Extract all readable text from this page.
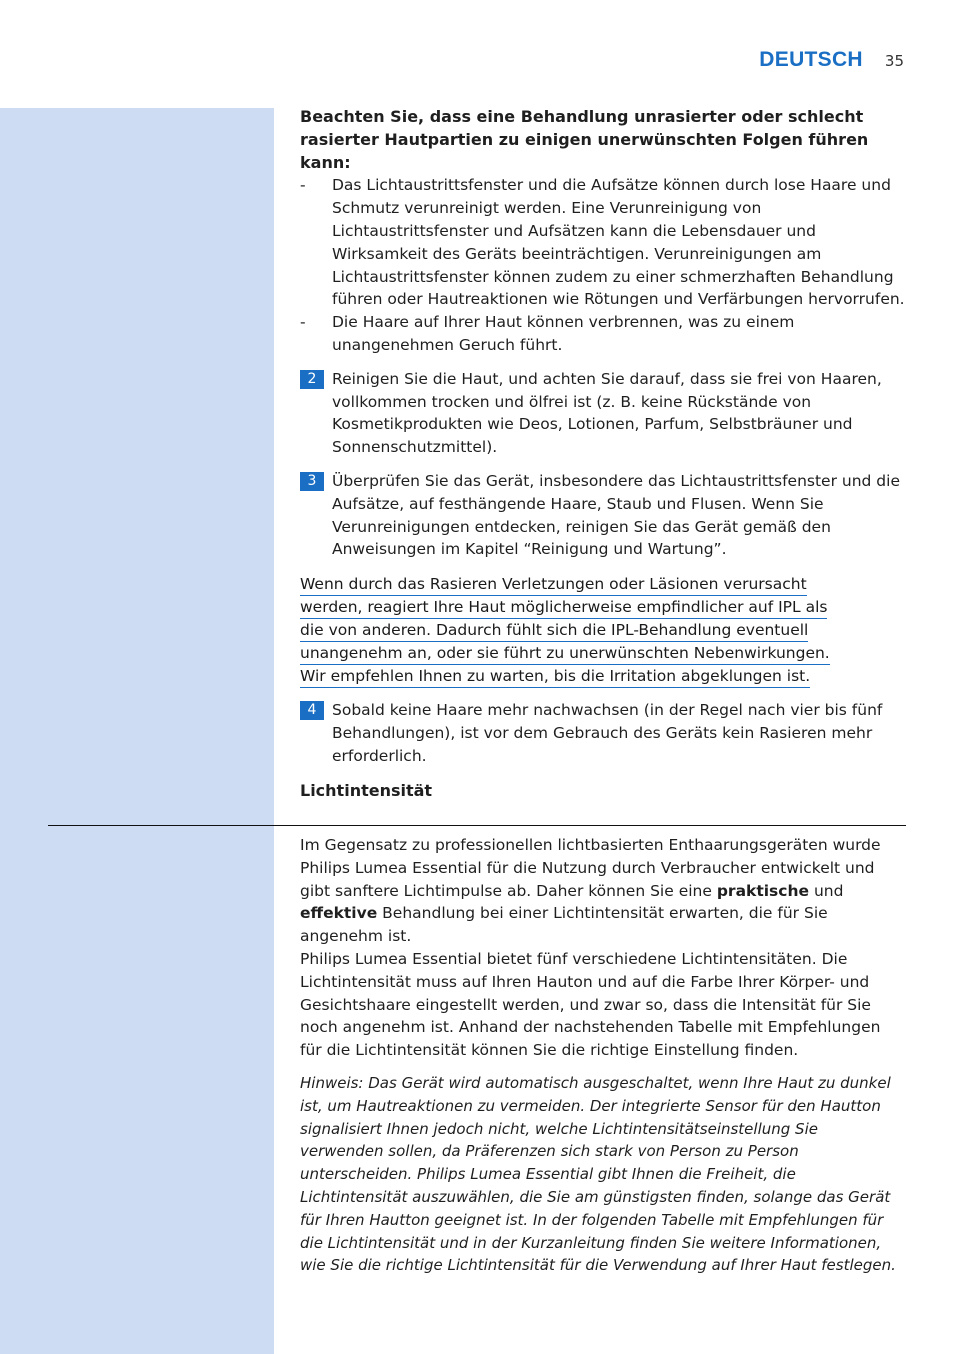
DEUTSCH 35
Beachten Sie, dass eine Behandlung unrasierter oder schlecht rasierter Hautpartien zu einigen unerwünschten Folgen führen kann:
-	Das Lichtaustrittsfenster und die Aufsätze können durch lose Haare und Schmutz verunreinigt werden. Eine Verunreinigung von Lichtaustrittsfenster und Aufsätzen kann die Lebensdauer und Wirksamkeit des Geräts beeinträchtigen. Verunreinigungen am Lichtaustrittsfenster können zudem zu einer schmerzhaften Behandlung führen oder Hautreaktionen wie Rötungen und Verfärbungen hervorrufen.
-	Die Haare auf Ihrer Haut können verbrennen, was zu einem unangenehmen Geruch führt.
2	Reinigen Sie die Haut, und achten Sie darauf, dass sie frei von Haaren, vollkommen trocken und ölfrei ist (z. B. keine Rückstände von Kosmetikprodukten wie Deos, Lotionen, Parfum, Selbstbräuner und Sonnenschutzmittel).
3	Überprüfen Sie das Gerät, insbesondere das Lichtaustrittsfenster und die Aufsätze, auf festhängende Haare, Staub und Flusen. Wenn Sie Verunreinigungen entdecken, reinigen Sie das Gerät gemäß den Anweisungen im Kapitel “Reinigung und Wartung”.
Wenn durch das Rasieren Verletzungen oder Läsionen verursacht
werden, reagiert Ihre Haut möglicherweise empfindlicher auf IPL als
die von anderen. Dadurch fühlt sich die IPL-Behandlung eventuell
unangenehm an, oder sie führt zu unerwünschten Nebenwirkungen.
Wir empfehlen Ihnen zu warten, bis die Irritation abgeklungen ist.
4	Sobald keine Haare mehr nachwachsen (in der Regel nach vier bis fünf Behandlungen), ist vor dem Gebrauch des Geräts kein Rasieren mehr erforderlich.
Lichtintensität

Im Gegensatz zu professionellen lichtbasierten Enthaarungsgeräten wurde Philips Lumea Essential für die Nutzung durch Verbraucher entwickelt und gibt sanftere Lichtimpulse ab. Daher können Sie eine praktische und effektive Behandlung bei einer Lichtintensität erwarten, die für Sie angenehm ist.

Philips Lumea Essential bietet fünf verschiedene Lichtintensitäten. Die Lichtintensität muss auf Ihren Hauton und auf die Farbe Ihrer Körper- und Gesichtshaare eingestellt werden, und zwar so, dass die Intensität für Sie noch angenehm ist. Anhand der nachstehenden Tabelle mit Empfehlungen für die Lichtintensität können Sie die richtige Einstellung finden.

Hinweis: Das Gerät wird automatisch ausgeschaltet, wenn Ihre Haut zu dunkel ist, um Hautreaktionen zu vermeiden. Der integrierte Sensor für den Hautton signalisiert Ihnen jedoch nicht, welche Lichtintensitätseinstellung Sie verwenden sollen, da Präferenzen sich stark von Person zu Person unterscheiden. Philips Lumea Essential gibt Ihnen die Freiheit, die Lichtintensität auszuwählen, die Sie am günstigsten finden, solange das Gerät für Ihren Hautton geeignet ist. In der folgenden Tabelle mit Empfehlungen für die Lichtintensität und in der Kurzanleitung finden Sie weitere Informationen, wie Sie die richtige Lichtintensität für die Verwendung auf Ihrer Haut festlegen.
